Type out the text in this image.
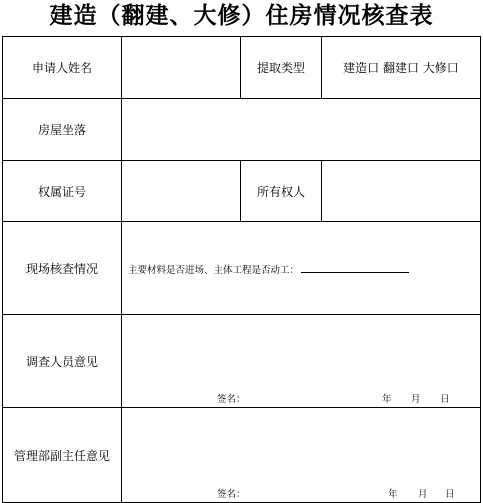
建造（翻建、大修）住房情况核查表
申请人姓名		提取类型	建造口 翻建口 大修口
房屋坐落			
权属证号		所有权人	
现场核查情况	主要材料是否进场、主体工程是否动工：		

调查人员意见	签名： 年 月 日		

管理部副主任意见	签名： 年 月 日		
